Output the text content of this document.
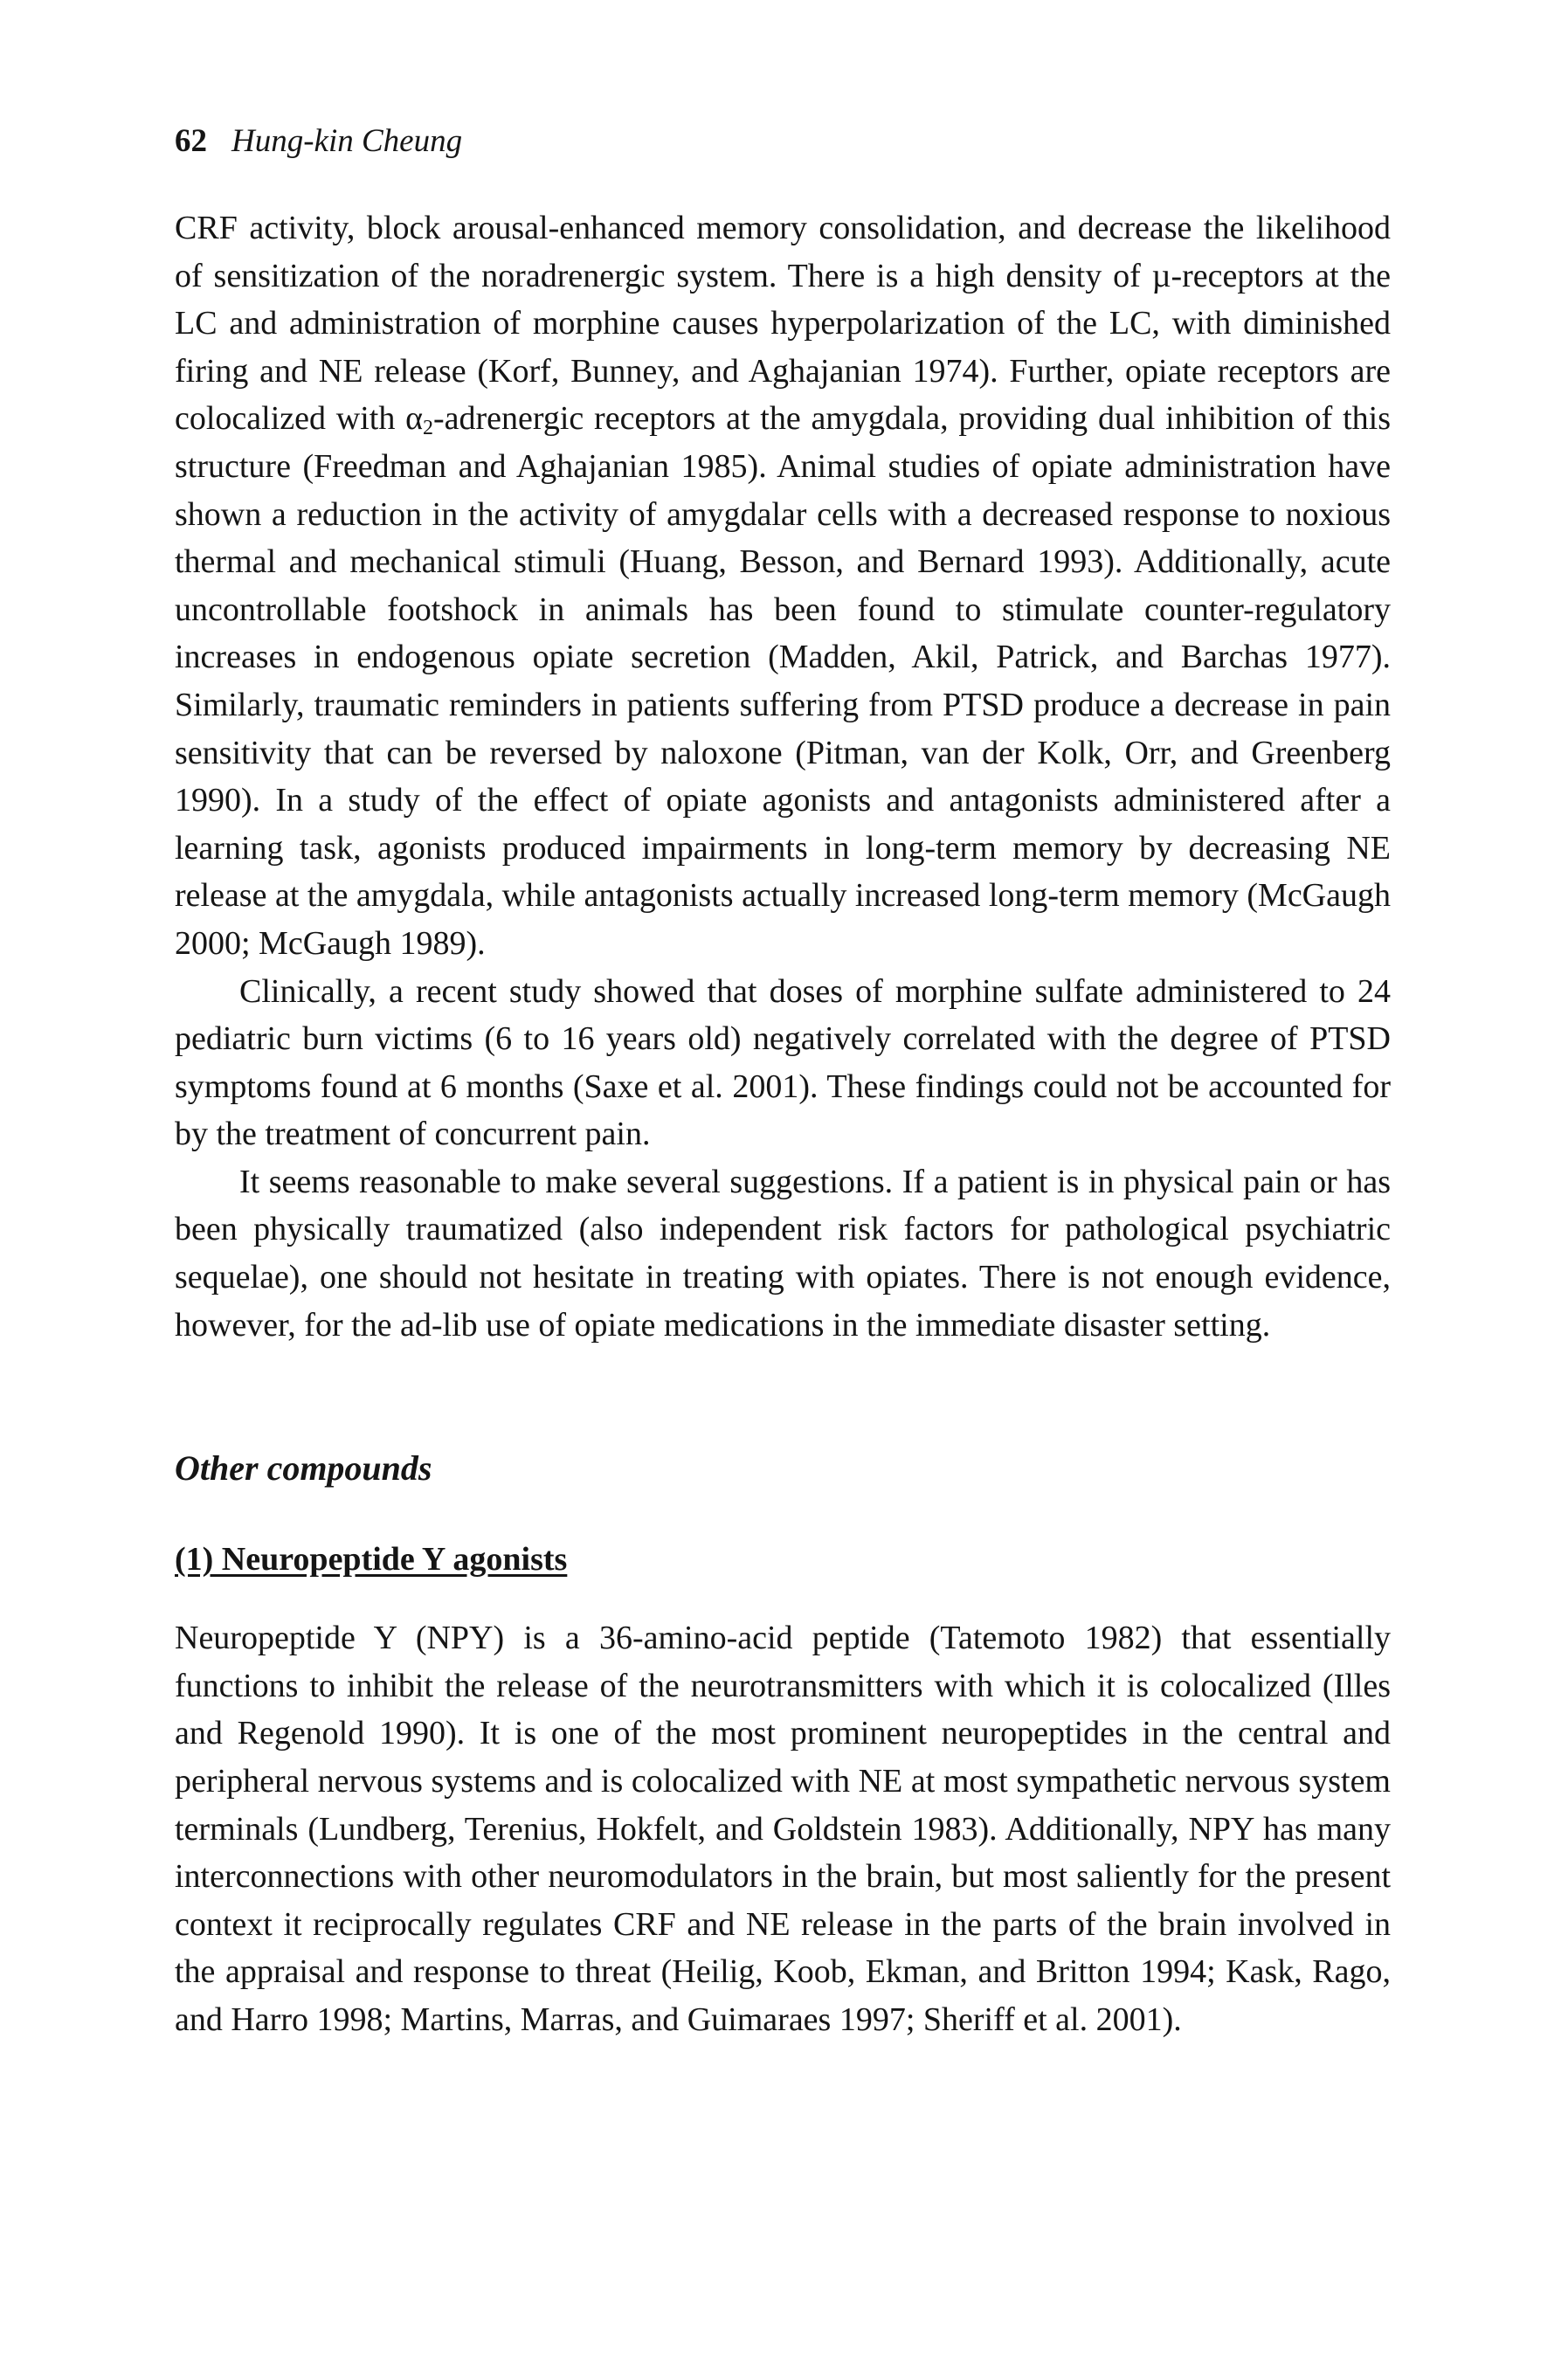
62 Hung-kin Cheung

CRF activity, block arousal-enhanced memory consolidation, and decrease the likelihood of sensitization of the noradrenergic system. There is a high density of µ-receptors at the LC and administration of morphine causes hyperpolarization of the LC, with diminished firing and NE release (Korf, Bunney, and Aghajanian 1974). Further, opiate receptors are colocalized with $\alpha_2$-adrenergic receptors at the amygdala, providing dual inhibition of this structure (Freedman and Aghajanian 1985). Animal studies of opiate administration have shown a reduction in the activity of amygdalar cells with a decreased response to noxious thermal and mechanical stimuli (Huang, Besson, and Bernard 1993). Additionally, acute uncontrollable footshock in animals has been found to stimulate counter-regulatory increases in endogenous opiate secretion (Madden, Akil, Patrick, and Barchas 1977). Similarly, traumatic reminders in patients suffering from PTSD produce a decrease in pain sensitivity that can be reversed by naloxone (Pitman, van der Kolk, Orr, and Greenberg 1990). In a study of the effect of opiate agonists and antagonists administered after a learning task, agonists produced impairments in long-term memory by decreasing NE release at the amygdala, while antagonists actually increased long-term memory (McGaugh 2000; McGaugh 1989).

Clinically, a recent study showed that doses of morphine sulfate administered to 24 pediatric burn victims (6 to 16 years old) negatively correlated with the degree of PTSD symptoms found at 6 months (Saxe et al. 2001). These findings could not be accounted for by the treatment of concurrent pain.

It seems reasonable to make several suggestions. If a patient is in physical pain or has been physically traumatized (also independent risk factors for pathological psychiatric sequelae), one should not hesitate in treating with opiates. There is not enough evidence, however, for the ad-lib use of opiate medications in the immediate disaster setting.

Other compounds
(1) Neuropeptide Y agonists

Neuropeptide Y (NPY) is a 36-amino-acid peptide (Tatemoto 1982) that essentially functions to inhibit the release of the neurotransmitters with which it is colocalized (Illes and Regenold 1990). It is one of the most prominent neuropeptides in the central and peripheral nervous systems and is colocalized with NE at most sympathetic nervous system terminals (Lundberg, Terenius, Hokfelt, and Goldstein 1983). Additionally, NPY has many interconnections with other neuromodulators in the brain, but most saliently for the present context it reciprocally regulates CRF and NE release in the parts of the brain involved in the appraisal and response to threat (Heilig, Koob, Ekman, and Britton 1994; Kask, Rago, and Harro 1998; Martins, Marras, and Guimaraes 1997; Sheriff et al. 2001).
